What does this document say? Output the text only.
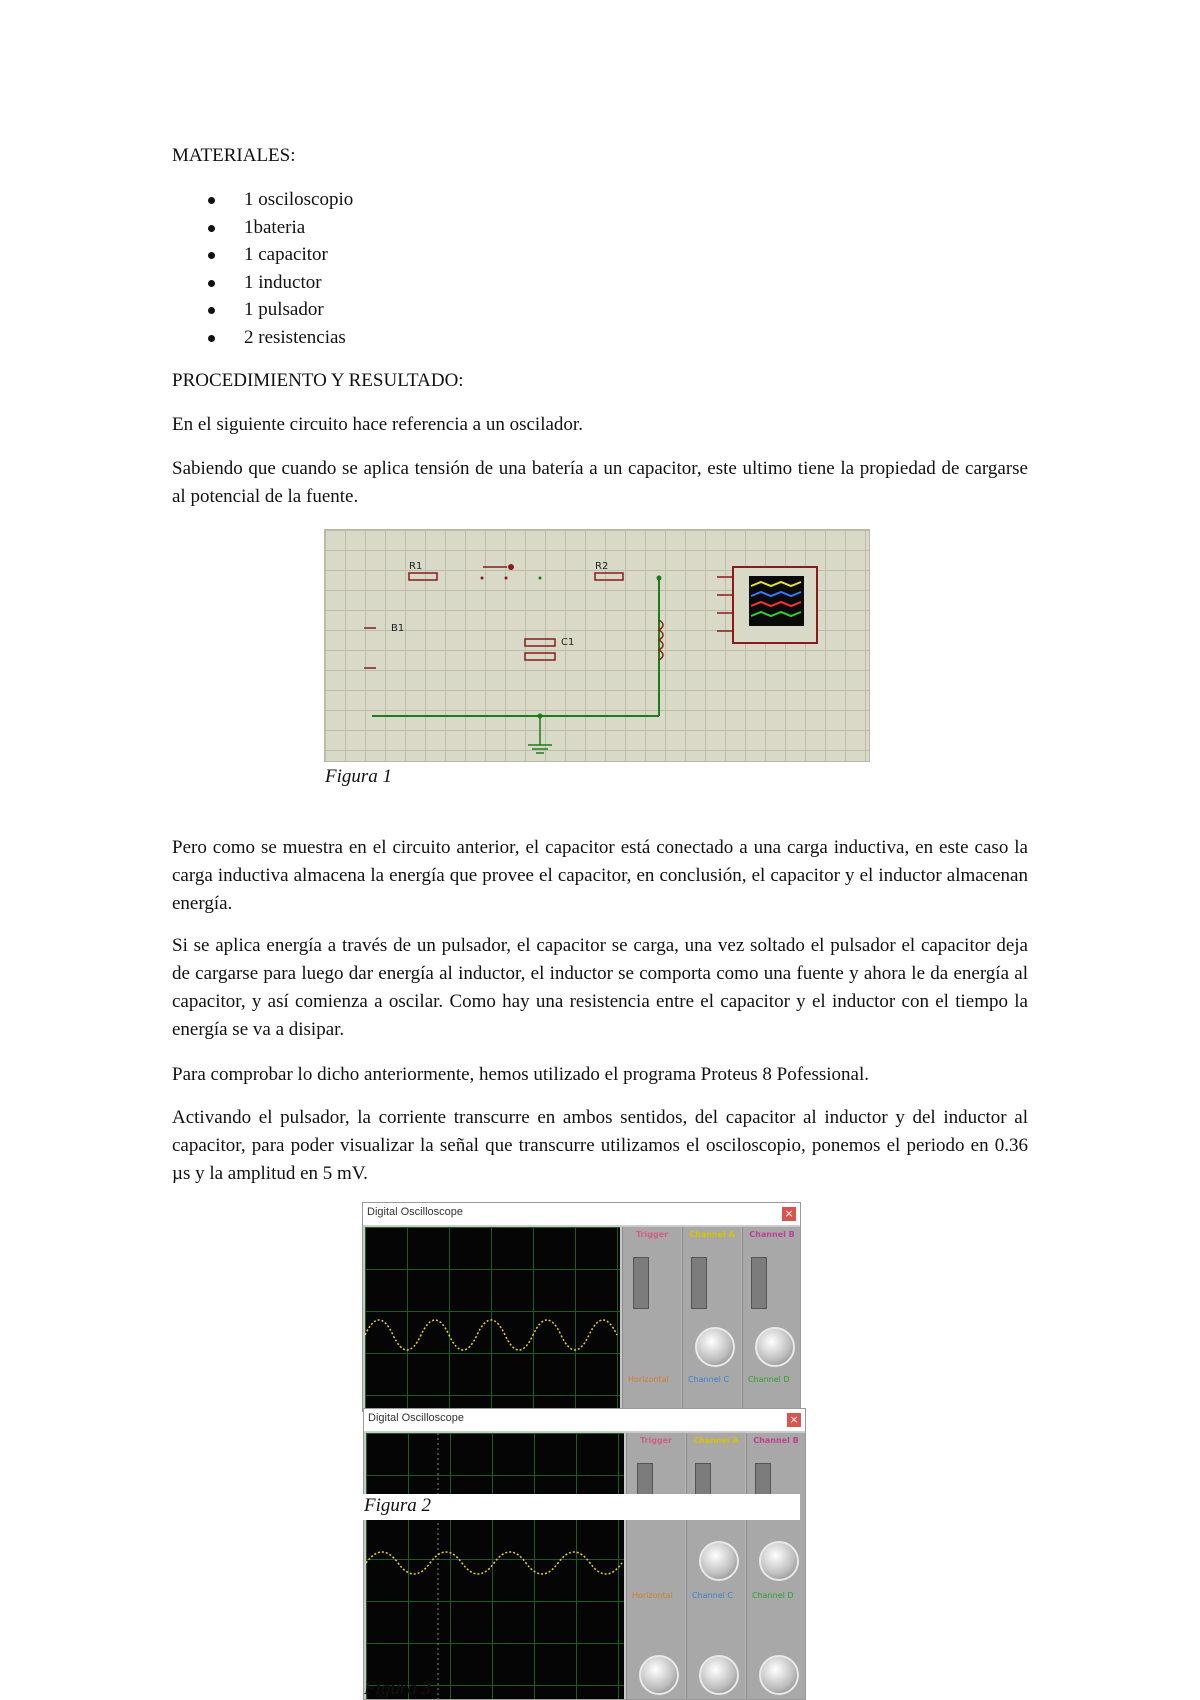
MATERIALES:

1 osciloscopio
1bateria
1 capacitor
1 inductor
1 pulsador
2 resistencias

PROCEDIMIENTO Y RESULTADO:

En el siguiente circuito hace referencia a un oscilador.

Sabiendo que cuando se aplica tensión de una batería a un capacitor, este ultimo tiene la propiedad de cargarse al potencial de la fuente.

R1	R2
B1
C1

Figura 1

Pero como se muestra en el circuito anterior, el capacitor está conectado a una carga inductiva, en este caso la carga inductiva almacena la energía que provee el capacitor, en conclusión, el capacitor y el inductor almacenan energía.

Si se aplica energía a través de un pulsador, el capacitor se carga, una vez soltado el pulsador el capacitor deja de cargarse para luego dar energía al inductor, el inductor se comporta como una fuente y ahora le da energía al capacitor, y así comienza a oscilar. Como hay una resistencia entre el capacitor y el inductor con el tiempo la energía se va a disipar.

Para comprobar lo dicho anteriormente, hemos utilizado el programa Proteus 8 Pofessional.

Activando el pulsador, la corriente transcurre en ambos sentidos, del capacitor al inductor y del inductor al capacitor, para poder visualizar la señal que transcurre utilizamos el osciloscopio, ponemos el periodo en 0.36 µs y la amplitud en 5 mV.

Digital Oscilloscope	×
Trigger	Channel A	Channel B
Horizontal Channel C Channel D
Digital Oscilloscope	×
Trigger	Channel A	Channel B
Horizontal Channel C Channel D
Figura 2
Figura 3
